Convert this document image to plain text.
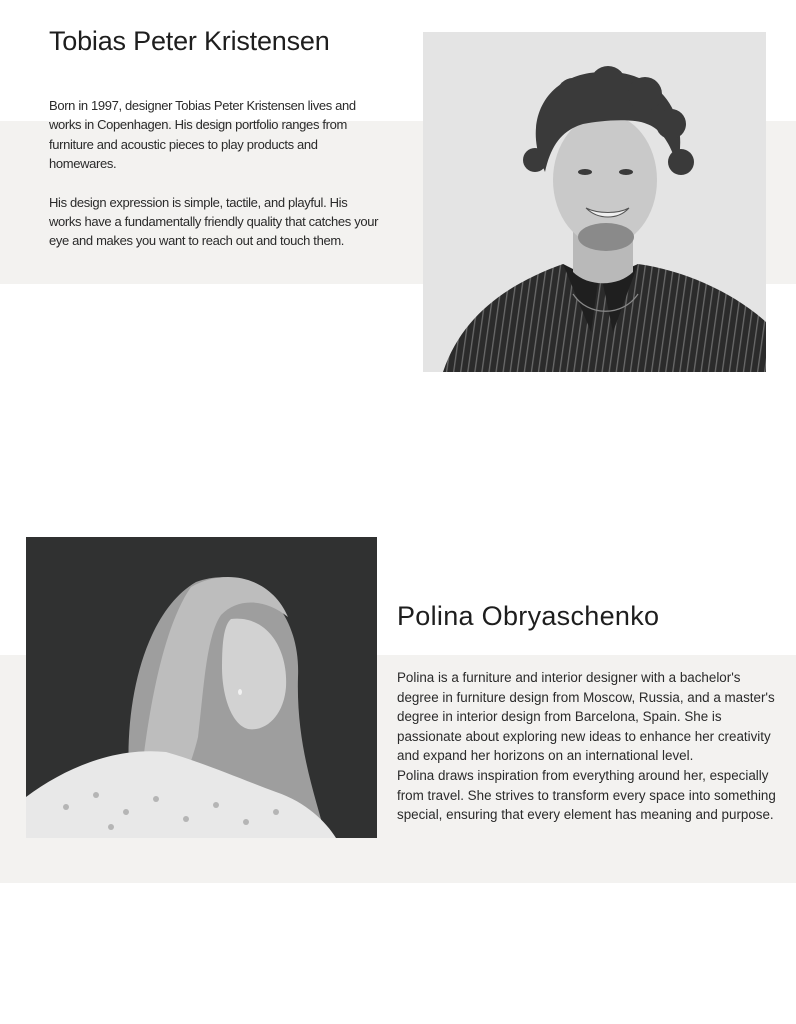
Tobias Peter Kristensen

Born in 1997, designer Tobias Peter Kristensen lives and works in Copenhagen. His design portfolio ranges from furniture and acoustic pieces to play products and homewares.

His design expression is simple, tactile, and playful. His works have a fundamentally friendly quality that catches your eye and makes you want to reach out and touch them.

Polina Obryaschenko

Polina is a furniture and interior designer with a bachelor's degree in furniture design from Moscow, Russia, and a master's degree in interior design from Barcelona, Spain. She is passionate about exploring new ideas to enhance her creativity and expand her horizons on an international level.

Polina draws inspiration from everything around her, especially from travel. She strives to transform every space into something special, ensuring that every element has meaning and purpose.
